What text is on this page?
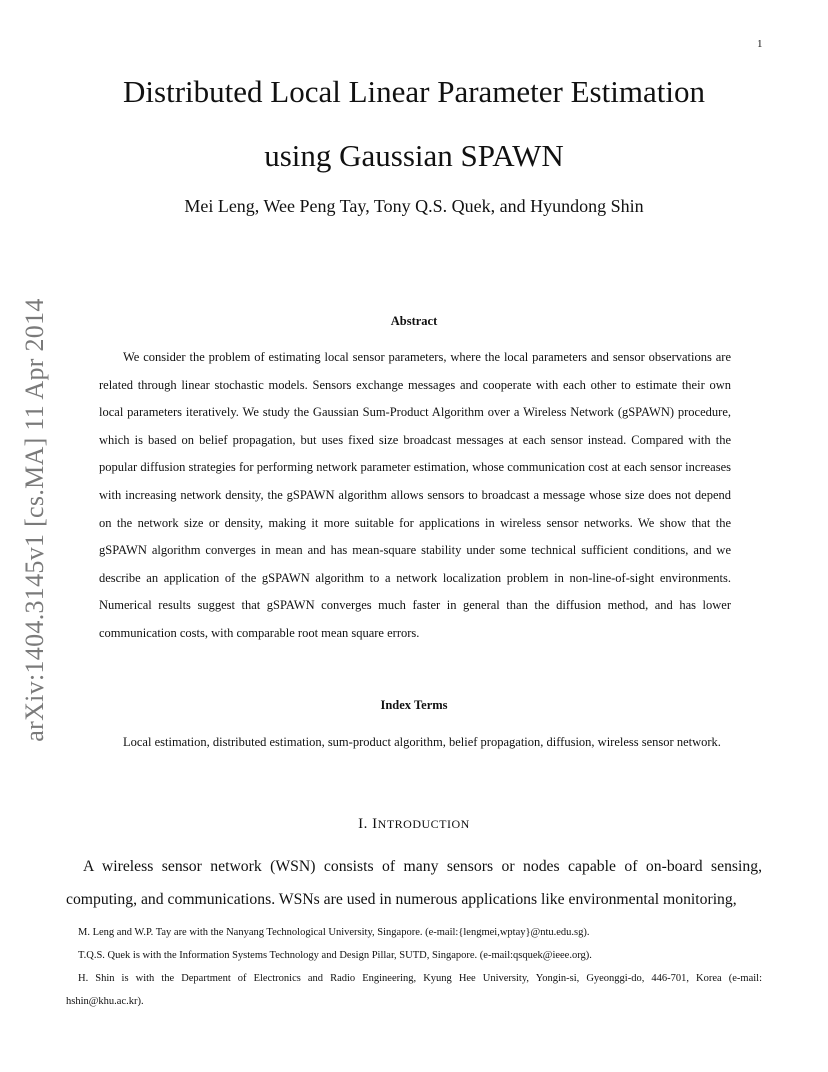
1
Distributed Local Linear Parameter Estimation
using Gaussian SPAWN
Mei Leng, Wee Peng Tay, Tony Q.S. Quek, and Hyundong Shin
arXiv:1404.3145v1 [cs.MA] 11 Apr 2014	Abstract

We consider the problem of estimating local sensor parameters, where the local parameters and sensor observations are related through linear stochastic models. Sensors exchange messages and cooperate with each other to estimate their own local parameters iteratively. We study the Gaussian Sum-Product Algorithm over a Wireless Network (gSPAWN) procedure, which is based on belief propagation, but uses fixed size broadcast messages at each sensor instead. Compared with the popular diffusion strategies for performing network parameter estimation, whose communication cost at each sensor increases with increasing network density, the gSPAWN algorithm allows sensors to broadcast a message whose size does not depend on the network size or density, making it more suitable for applications in wireless sensor networks. We show that the gSPAWN algorithm converges in mean and has mean-square stability under some technical sufficient conditions, and we describe an application of the gSPAWN algorithm to a network localization problem in non-line-of-sight environments. Numerical results suggest that gSPAWN converges much faster in general than the diffusion method, and has lower communication costs, with comparable root mean square errors.

Index Terms

Local estimation, distributed estimation, sum-product algorithm, belief propagation, diffusion, wireless sensor network.

I. INTRODUCTION

A wireless sensor network (WSN) consists of many sensors or nodes capable of on-board sensing, computing, and communications. WSNs are used in numerous applications like environmental monitoring,

M. Leng and W.P. Tay are with the Nanyang Technological University, Singapore. (e-mail:{lengmei,wptay}@ntu.edu.sg).

T.Q.S. Quek is with the Information Systems Technology and Design Pillar, SUTD, Singapore. (e-mail:qsquek@ieee.org).

H. Shin is with the Department of Electronics and Radio Engineering, Kyung Hee University, Yongin-si, Gyeonggi-do, 446-701, Korea (e-mail: hshin@khu.ac.kr).
